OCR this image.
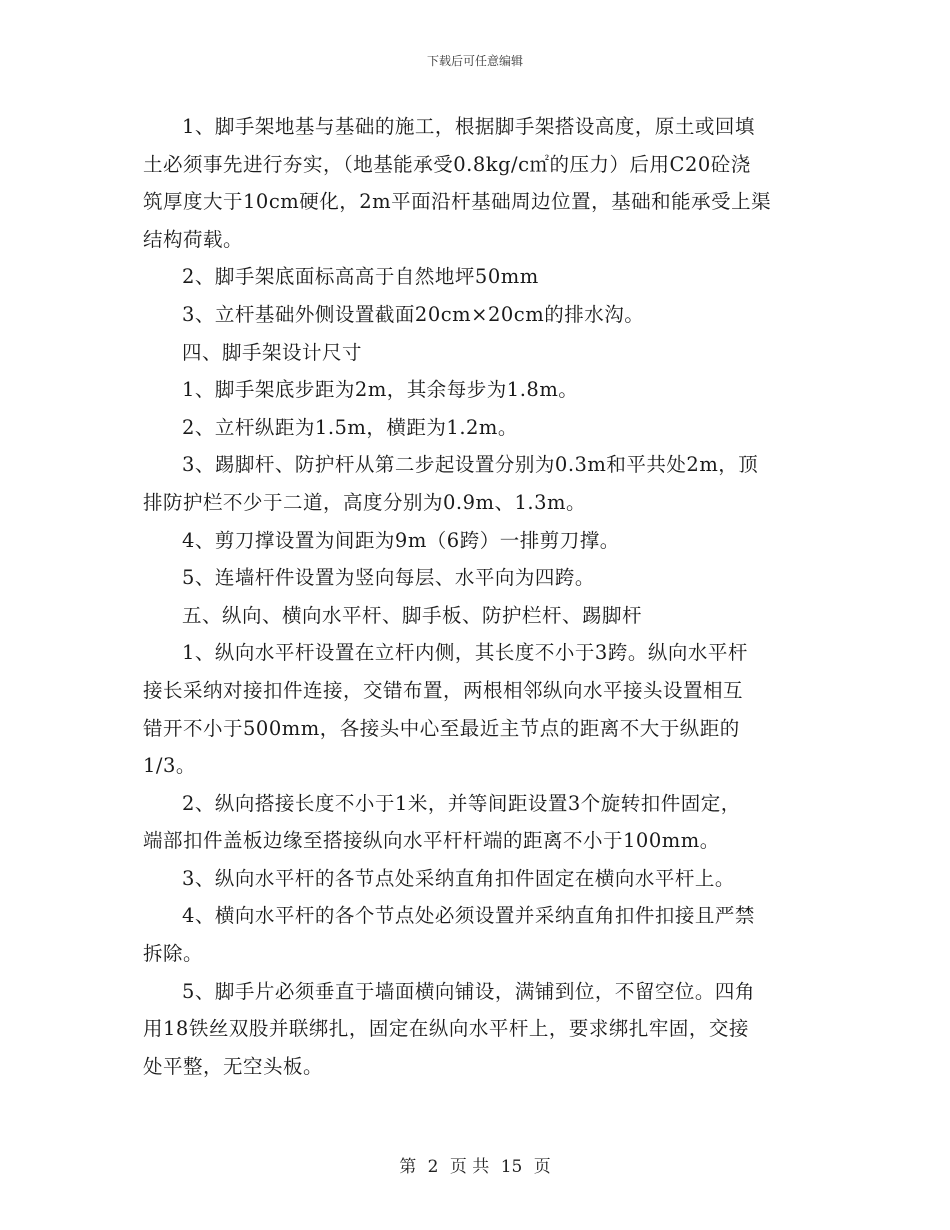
下载后可任意编辑

1、脚手架地基与基础的施工，根据脚手架搭设高度，原土或回填
土必须事先进行夯实，（地基能承受0.8kg/c㎡的压力）后用C20砼浇
筑厚度大于10cm硬化，2m平面沿杆基础周边位置，基础和能承受上渠
结构荷载。

2、脚手架底面标高高于自然地坪50mm

3、立杆基础外侧设置截面20cm×20cm的排水沟。

四、脚手架设计尺寸

1、脚手架底步距为2m，其余每步为1.8m。

2、立杆纵距为1.5m，横距为1.2m。

3、踢脚杆、防护杆从第二步起设置分别为0.3m和平共处2m，顶
排防护栏不少于二道，高度分别为0.9m、1.3m。

4、剪刀撑设置为间距为9m（6跨）一排剪刀撑。

5、连墙杆件设置为竖向每层、水平向为四跨。

五、纵向、横向水平杆、脚手板、防护栏杆、踢脚杆

1、纵向水平杆设置在立杆内侧，其长度不小于3跨。纵向水平杆
接长采纳对接扣件连接，交错布置，两根相邻纵向水平接头设置相互
错开不小于500mm，各接头中心至最近主节点的距离不大于纵距的
1/3。

2、纵向搭接长度不小于1米，并等间距设置3个旋转扣件固定，
端部扣件盖板边缘至搭接纵向水平杆杆端的距离不小于100mm。

3、纵向水平杆的各节点处采纳直角扣件固定在横向水平杆上。

4、横向水平杆的各个节点处必须设置并采纳直角扣件扣接且严禁
拆除。

5、脚手片必须垂直于墙面横向铺设，满铺到位，不留空位。四角
用18铁丝双股并联绑扎，固定在纵向水平杆上，要求绑扎牢固，交接
处平整，无空头板。

第 2 页 共 15 页
